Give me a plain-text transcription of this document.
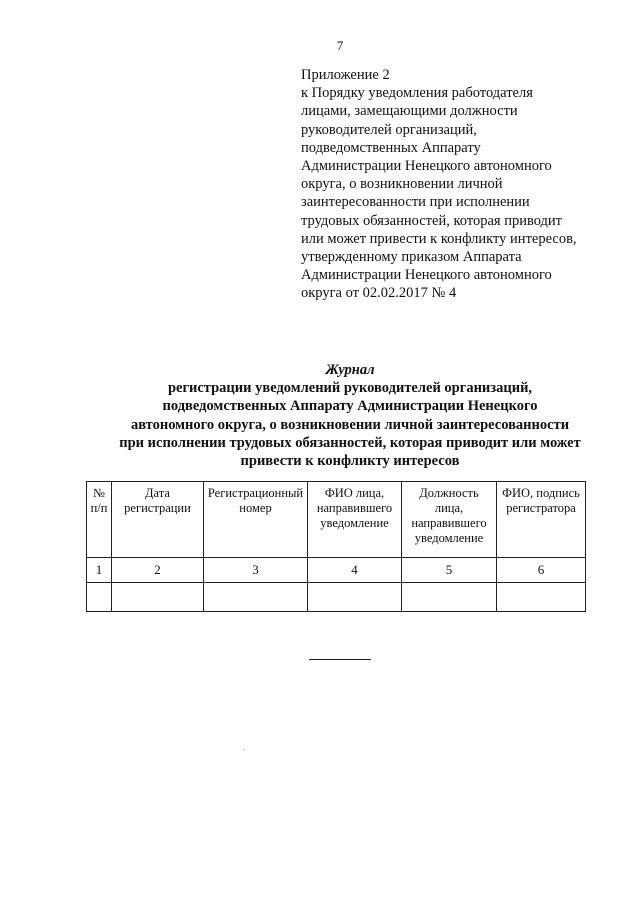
7
Приложение 2
к Порядку уведомления работодателя
лицами, замещающими должности
руководителей организаций,
подведомственных Аппарату
Администрации Ненецкого автономного
округа, о возникновении личной
заинтересованности при исполнении
трудовых обязанностей, которая приводит
или может привести к конфликту интересов,
утвержденному приказом Аппарата
Администрации Ненецкого автономного
округа от 02.02.2017 № 4
Журнал
регистрации уведомлений руководителей организаций,
подведомственных Аппарату Администрации Ненецкого
автономного округа, о возникновении личной заинтересованности
при исполнении трудовых обязанностей, которая приводит или может
привести к конфликту интересов
№ п/п	Дата регистрации	Регистрационный номер	ФИО лица, направившего уведомление	Должность лица, направившего уведомление	ФИО, подпись регистратора
1	2	3	4	5	6
